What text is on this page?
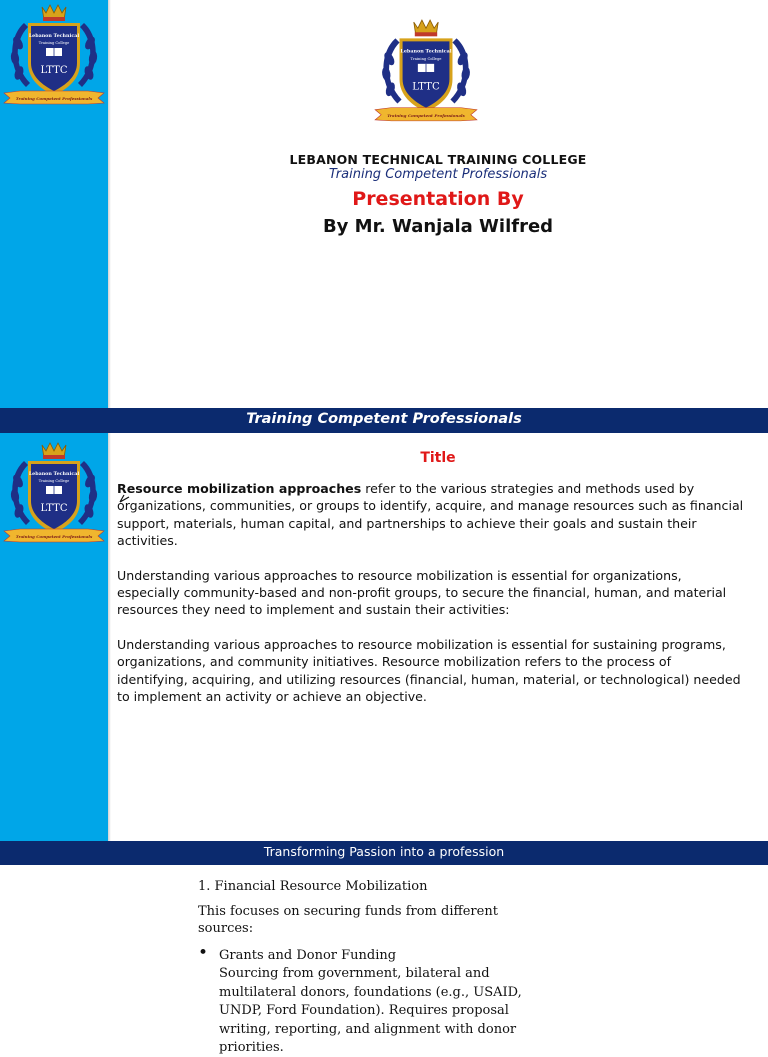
Lebanon Technical
Training College
LTTC
Training Competent Professionals
Lebanon Technical
Training College
LTTC
Training Competent Professionals
LEBANON TECHNICAL TRAINING COLLEGE
Training Competent Professionals
Presentation By
By Mr. Wanjala Wilfred
Training Competent Professionals
Lebanon Technical
Training College
LTTC
Training Competent Professionals
Title

Resource mobilization approaches refer to the various strategies and methods used by organizations, communities, or groups to identify, acquire, and manage resources such as financial support, materials, human capital, and partnerships to achieve their goals and sustain their activities.

Understanding various approaches to resource mobilization is essential for organizations, especially community-based and non-profit groups, to secure the financial, human, and material resources they need to implement and sustain their activities:

Understanding various approaches to resource mobilization is essential for sustaining programs, organizations, and community initiatives. Resource mobilization refers to the process of identifying, acquiring, and utilizing resources (financial, human, material, or technological) needed to implement an activity or achieve an objective.

Transforming Passion into a profession
1. Financial Resource Mobilization
This focuses on securing funds from different sources:
• Grants and Donor Funding
Sourcing from government, bilateral and multilateral donors, foundations (e.g., USAID, UNDP, Ford Foundation). Requires proposal writing, reporting, and alignment with donor priorities.
